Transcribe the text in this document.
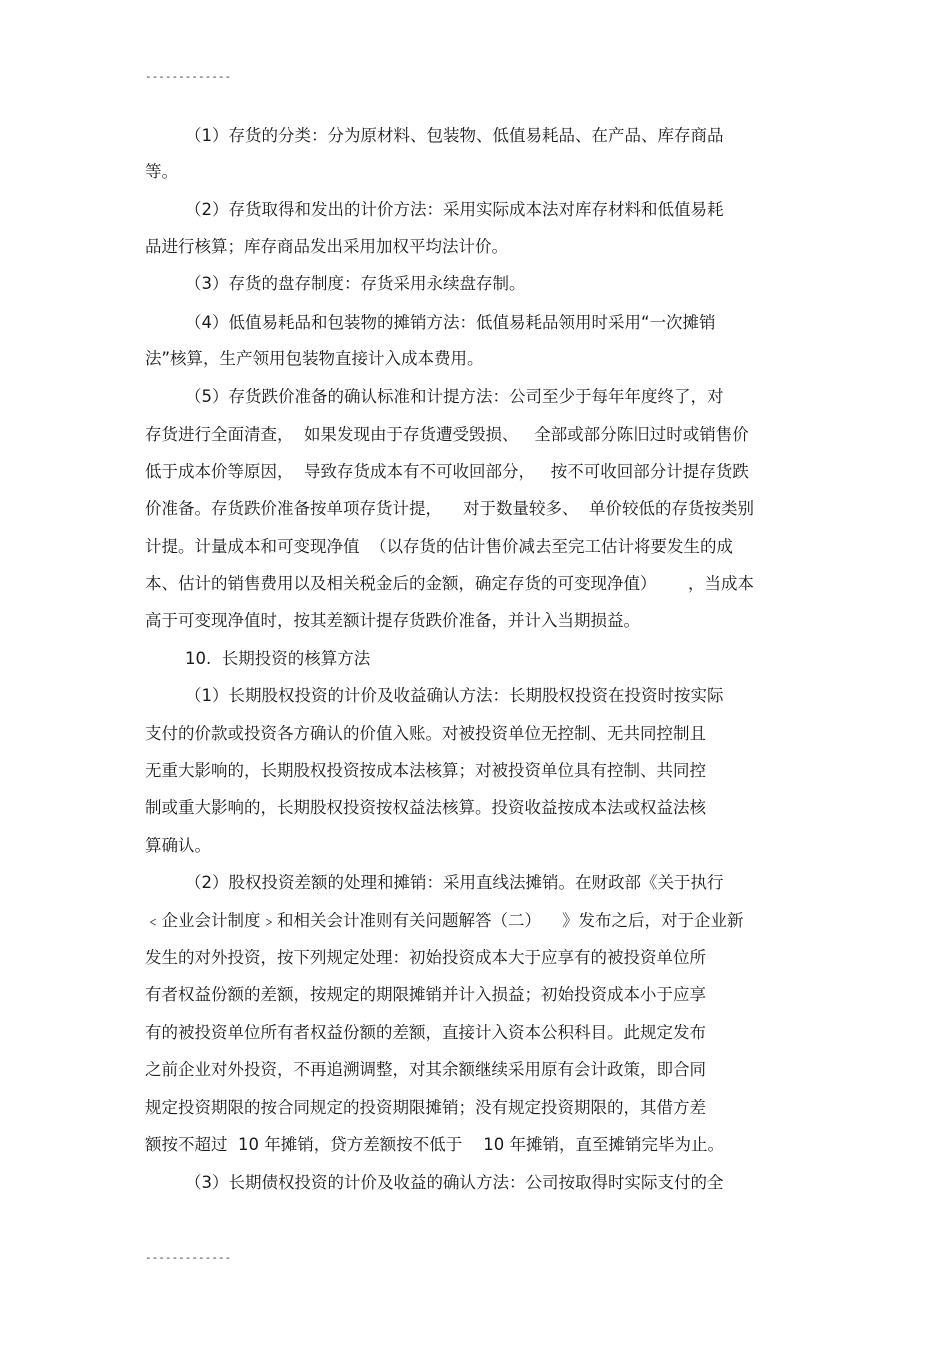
-------------
（1）存货的分类：分为原材料、包装物、低值易耗品、在产品、库存商品
等。
（2）存货取得和发出的计价方法：采用实际成本法对库存材料和低值易耗
品进行核算；库存商品发出采用加权平均法计价。
（3）存货的盘存制度：存货采用永续盘存制。
（4）低值易耗品和包装物的摊销方法：低值易耗品领用时采用“一次摊销
法”核算，生产领用包装物直接计入成本费用。
（5）存货跌价准备的确认标准和计提方法：公司至少于每年年度终了，对
存货进行全面清查，  如果发现由于存货遭受毁损、   全部或部分陈旧过时或销售价
低于成本价等原因，  导致存货成本有不可收回部分，   按不可收回部分计提存货跌
价准备。存货跌价准备按单项存货计提，    对于数量较多、  单价较低的存货按类别
计提。计量成本和可变现净值  （以存货的估计售价减去至完工估计将要发生的成
本、估计的销售费用以及相关税金后的金额，确定存货的可变现净值）      ，当成本
高于可变现净值时，按其差额计提存货跌价准备，并计入当期损益。
10.  长期投资的核算方法
（1）长期股权投资的计价及收益确认方法：长期股权投资在投资时按实际
支付的价款或投资各方确认的价值入账。对被投资单位无控制、无共同控制且
无重大影响的，长期股权投资按成本法核算；对被投资单位具有控制、共同控
制或重大影响的，长期股权投资按权益法核算。投资收益按成本法或权益法核
算确认。
（2）股权投资差额的处理和摊销：采用直线法摊销。在财政部《关于执行
﹤企业会计制度﹥和相关会计准则有关问题解答（二）    》发布之后，对于企业新
发生的对外投资，按下列规定处理：初始投资成本大于应享有的被投资单位所
有者权益份额的差额，按规定的期限摊销并计入损益；初始投资成本小于应享
有的被投资单位所有者权益份额的差额，直接计入资本公积科目。此规定发布
之前企业对外投资，不再追溯调整，对其余额继续采用原有会计政策，即合同
规定投资期限的按合同规定的投资期限摊销；没有规定投资期限的，其借方差
额按不超过  10 年摊销，贷方差额按不低于    10 年摊销，直至摊销完毕为止。
（3）长期债权投资的计价及收益的确认方法：公司按取得时实际支付的全
-------------
